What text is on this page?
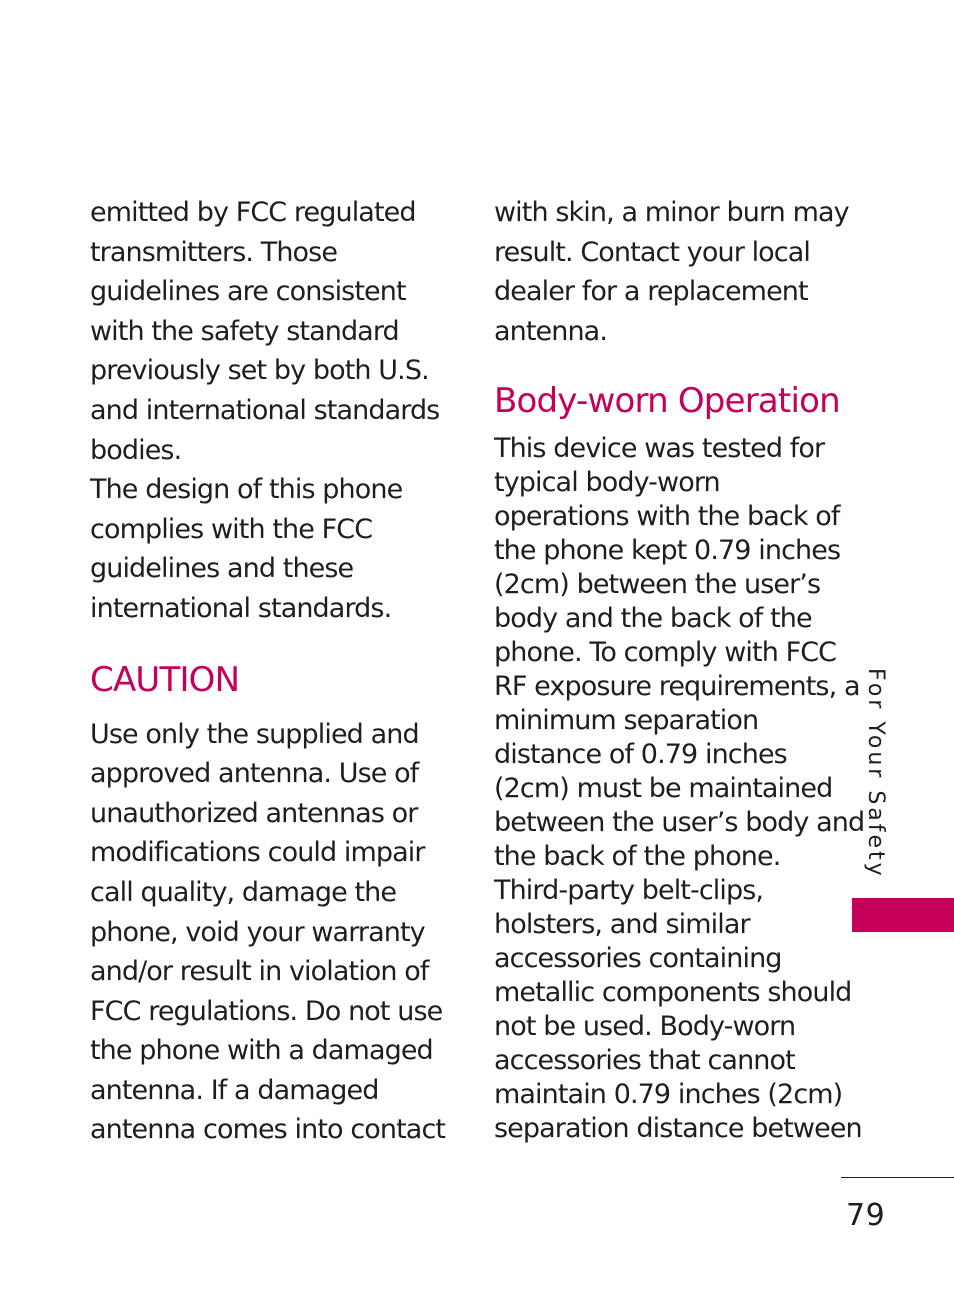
emitted by FCC regulated
transmitters. Those
guidelines are consistent
with the safety standard
previously set by both U.S.
and international standards
bodies.
The design of this phone
complies with the FCC
guidelines and these
international standards.

CAUTION

Use only the supplied and
approved antenna. Use of
unauthorized antennas or
modifications could impair
call quality, damage the
phone, void your warranty
and/or result in violation of
FCC regulations. Do not use
the phone with a damaged
antenna. If a damaged
antenna comes into contact

with skin, a minor burn may
result. Contact your local
dealer for a replacement
antenna.

Body-worn Operation

This device was tested for
typical body-worn
operations with the back of
the phone kept 0.79 inches
(2cm) between the user’s
body and the back of the
phone. To comply with FCC
RF exposure requirements, a
minimum separation
distance of 0.79 inches
(2cm) must be maintained
between the user’s body and
the back of the phone.
Third-party belt-clips,
holsters, and similar
accessories containing
metallic components should
not be used. Body-worn
accessories that cannot
maintain 0.79 inches (2cm)
separation distance between

For Your Safety
79
